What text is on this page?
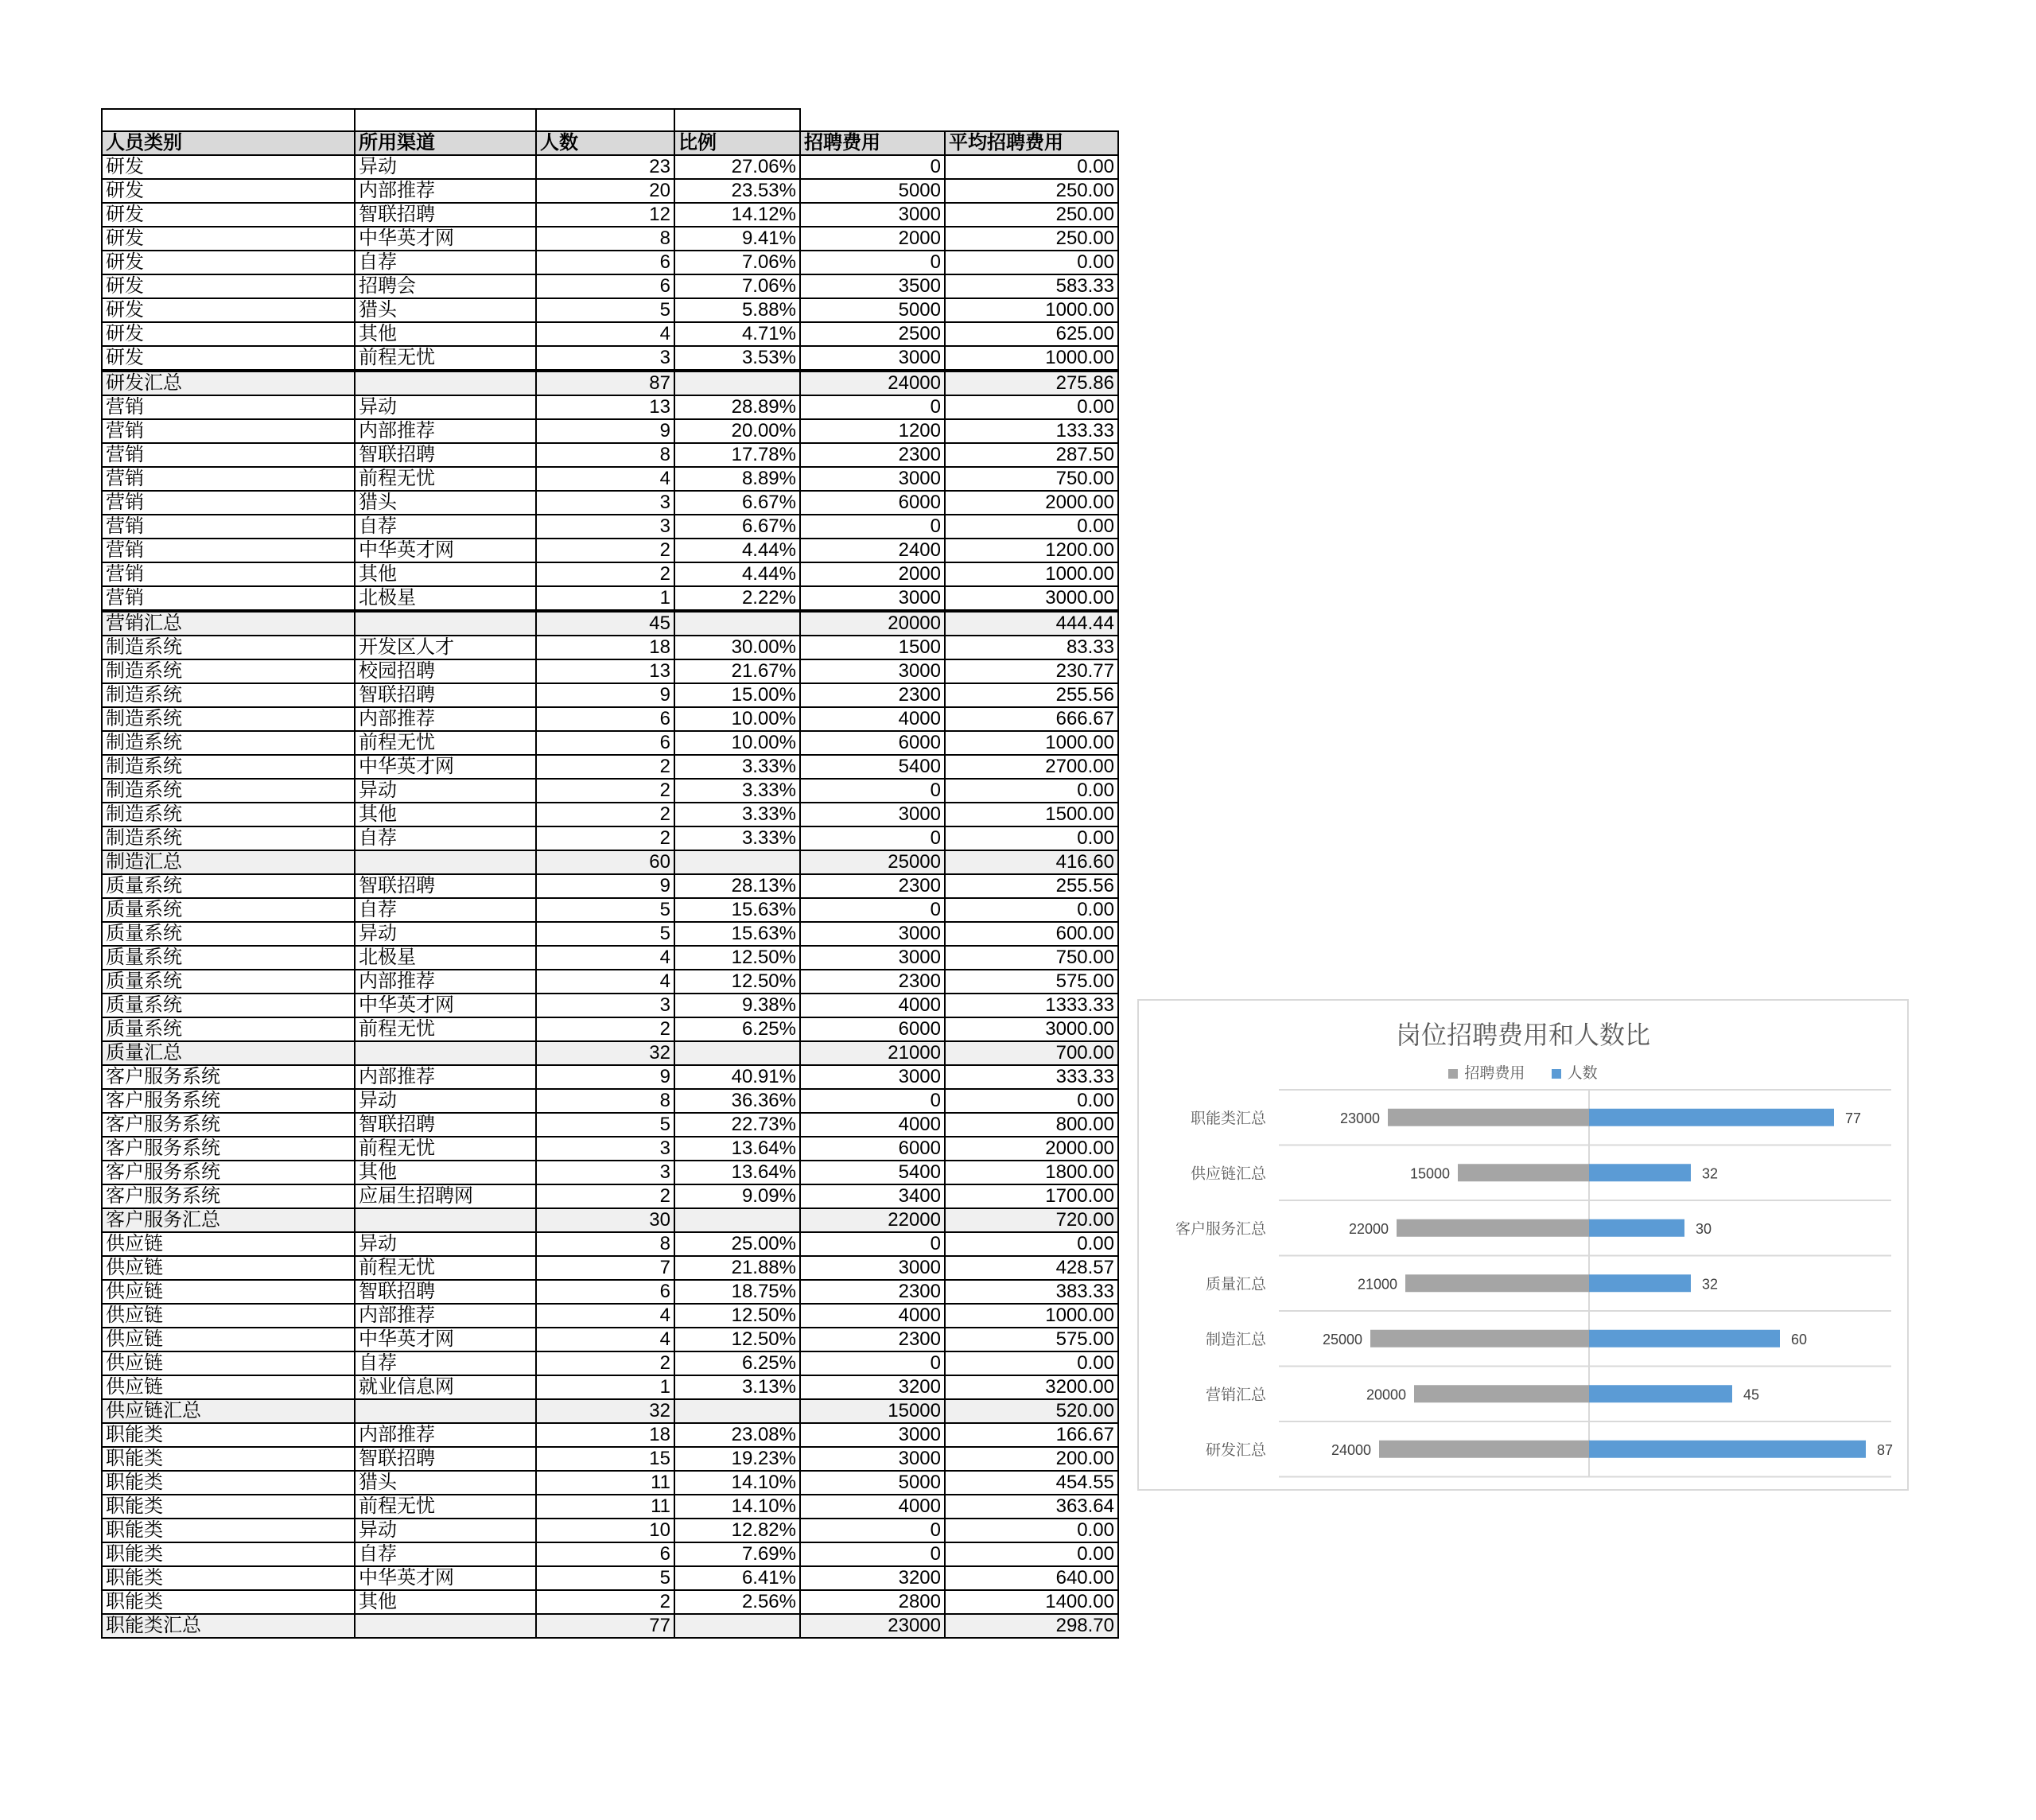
人员类别	所用渠道	人数	比例	招聘费用	平均招聘费用
研发	异动	23	27.06%	0	0.00
研发	内部推荐	20	23.53%	5000	250.00
研发	智联招聘	12	14.12%	3000	250.00
研发	中华英才网	8	9.41%	2000	250.00
研发	自荐	6	7.06%	0	0.00
研发	招聘会	6	7.06%	3500	583.33
研发	猎头	5	5.88%	5000	1000.00
研发	其他	4	4.71%	2500	625.00
研发	前程无忧	3	3.53%	3000	1000.00
研发汇总		87		24000	275.86
营销	异动	13	28.89%	0	0.00
营销	内部推荐	9	20.00%	1200	133.33
营销	智联招聘	8	17.78%	2300	287.50
营销	前程无忧	4	8.89%	3000	750.00
营销	猎头	3	6.67%	6000	2000.00
营销	自荐	3	6.67%	0	0.00
营销	中华英才网	2	4.44%	2400	1200.00
营销	其他	2	4.44%	2000	1000.00
营销	北极星	1	2.22%	3000	3000.00
营销汇总		45		20000	444.44
制造系统	开发区人才	18	30.00%	1500	83.33
制造系统	校园招聘	13	21.67%	3000	230.77
制造系统	智联招聘	9	15.00%	2300	255.56
制造系统	内部推荐	6	10.00%	4000	666.67
制造系统	前程无忧	6	10.00%	6000	1000.00
制造系统	中华英才网	2	3.33%	5400	2700.00
制造系统	异动	2	3.33%	0	0.00
制造系统	其他	2	3.33%	3000	1500.00
制造系统	自荐	2	3.33%	0	0.00
制造汇总		60		25000	416.60
质量系统	智联招聘	9	28.13%	2300	255.56
质量系统	自荐	5	15.63%	0	0.00
质量系统	异动	5	15.63%	3000	600.00
质量系统	北极星	4	12.50%	3000	750.00
质量系统	内部推荐	4	12.50%	2300	575.00
质量系统	中华英才网	3	9.38%	4000	1333.33
质量系统	前程无忧	2	6.25%	6000	3000.00
质量汇总		32		21000	700.00
客户服务系统	内部推荐	9	40.91%	3000	333.33
客户服务系统	异动	8	36.36%	0	0.00
客户服务系统	智联招聘	5	22.73%	4000	800.00
客户服务系统	前程无忧	3	13.64%	6000	2000.00
客户服务系统	其他	3	13.64%	5400	1800.00
客户服务系统	应届生招聘网	2	9.09%	3400	1700.00
客户服务汇总		30		22000	720.00
供应链	异动	8	25.00%	0	0.00
供应链	前程无忧	7	21.88%	3000	428.57
供应链	智联招聘	6	18.75%	2300	383.33
供应链	内部推荐	4	12.50%	4000	1000.00
供应链	中华英才网	4	12.50%	2300	575.00
供应链	自荐	2	6.25%	0	0.00
供应链	就业信息网	1	3.13%	3200	3200.00
供应链汇总		32		15000	520.00
职能类	内部推荐	18	23.08%	3000	166.67
职能类	智联招聘	15	19.23%	3000	200.00
职能类	猎头	11	14.10%	5000	454.55
职能类	前程无忧	11	14.10%	4000	363.64
职能类	异动	10	12.82%	0	0.00
职能类	自荐	6	7.69%	0	0.00
职能类	中华英才网	5	6.41%	3200	640.00
职能类	其他	2	2.56%	2800	1400.00
职能类汇总		77		23000	298.70
岗位招聘费用和人数比
招聘费用	人数
职能类汇总	23000	77
供应链汇总	15000	32
客户服务汇总	22000	30
质量汇总	21000	32
制造汇总	25000	60
营销汇总	20000	45
研发汇总	24000	87
